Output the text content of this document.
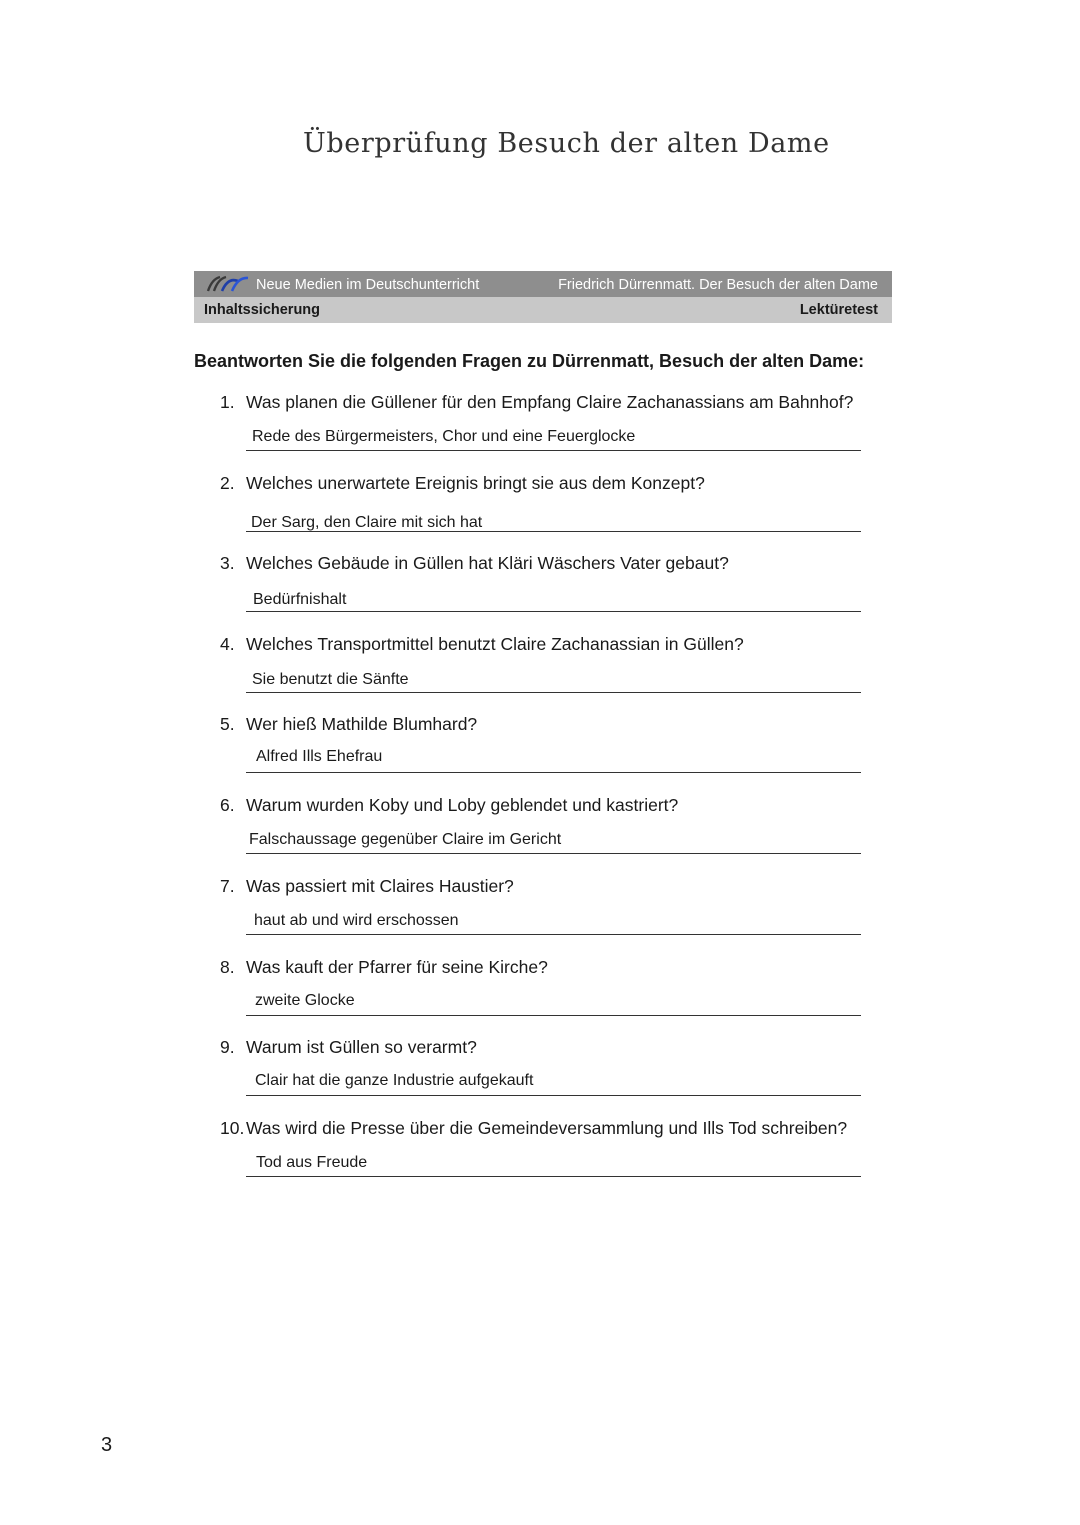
Überprüfung Besuch der alten Dame
Neue Medien im Deutschunterricht	Friedrich Dürrenmatt. Der Besuch der alten Dame
Inhaltssicherung	Lektüretest

Beantworten Sie die folgenden Fragen zu Dürrenmatt, Besuch der alten Dame:

1. Was planen die Güllener für den Empfang Claire Zachanassians am Bahnhof?
Rede des Bürgermeisters, Chor und eine Feuerglocke
2. Welches unerwartete Ereignis bringt sie aus dem Konzept?
Der Sarg, den Claire mit sich hat
3. Welches Gebäude in Güllen hat Kläri Wäschers Vater gebaut?
Bedürfnishalt
4. Welches Transportmittel benutzt Claire Zachanassian in Güllen?
Sie benutzt die Sänfte
5. Wer hieß Mathilde Blumhard?
Alfred Ills Ehefrau
6. Warum wurden Koby und Loby geblendet und kastriert?
Falschaussage gegenüber Claire im Gericht
7. Was passiert mit Claires Haustier?
haut ab und wird erschossen
8. Was kauft der Pfarrer für seine Kirche?
zweite Glocke
9. Warum ist Güllen so verarmt?
Clair hat die ganze Industrie aufgekauft
10. Was wird die Presse über die Gemeindeversammlung und Ills Tod schreiben?
Tod aus Freude
3
